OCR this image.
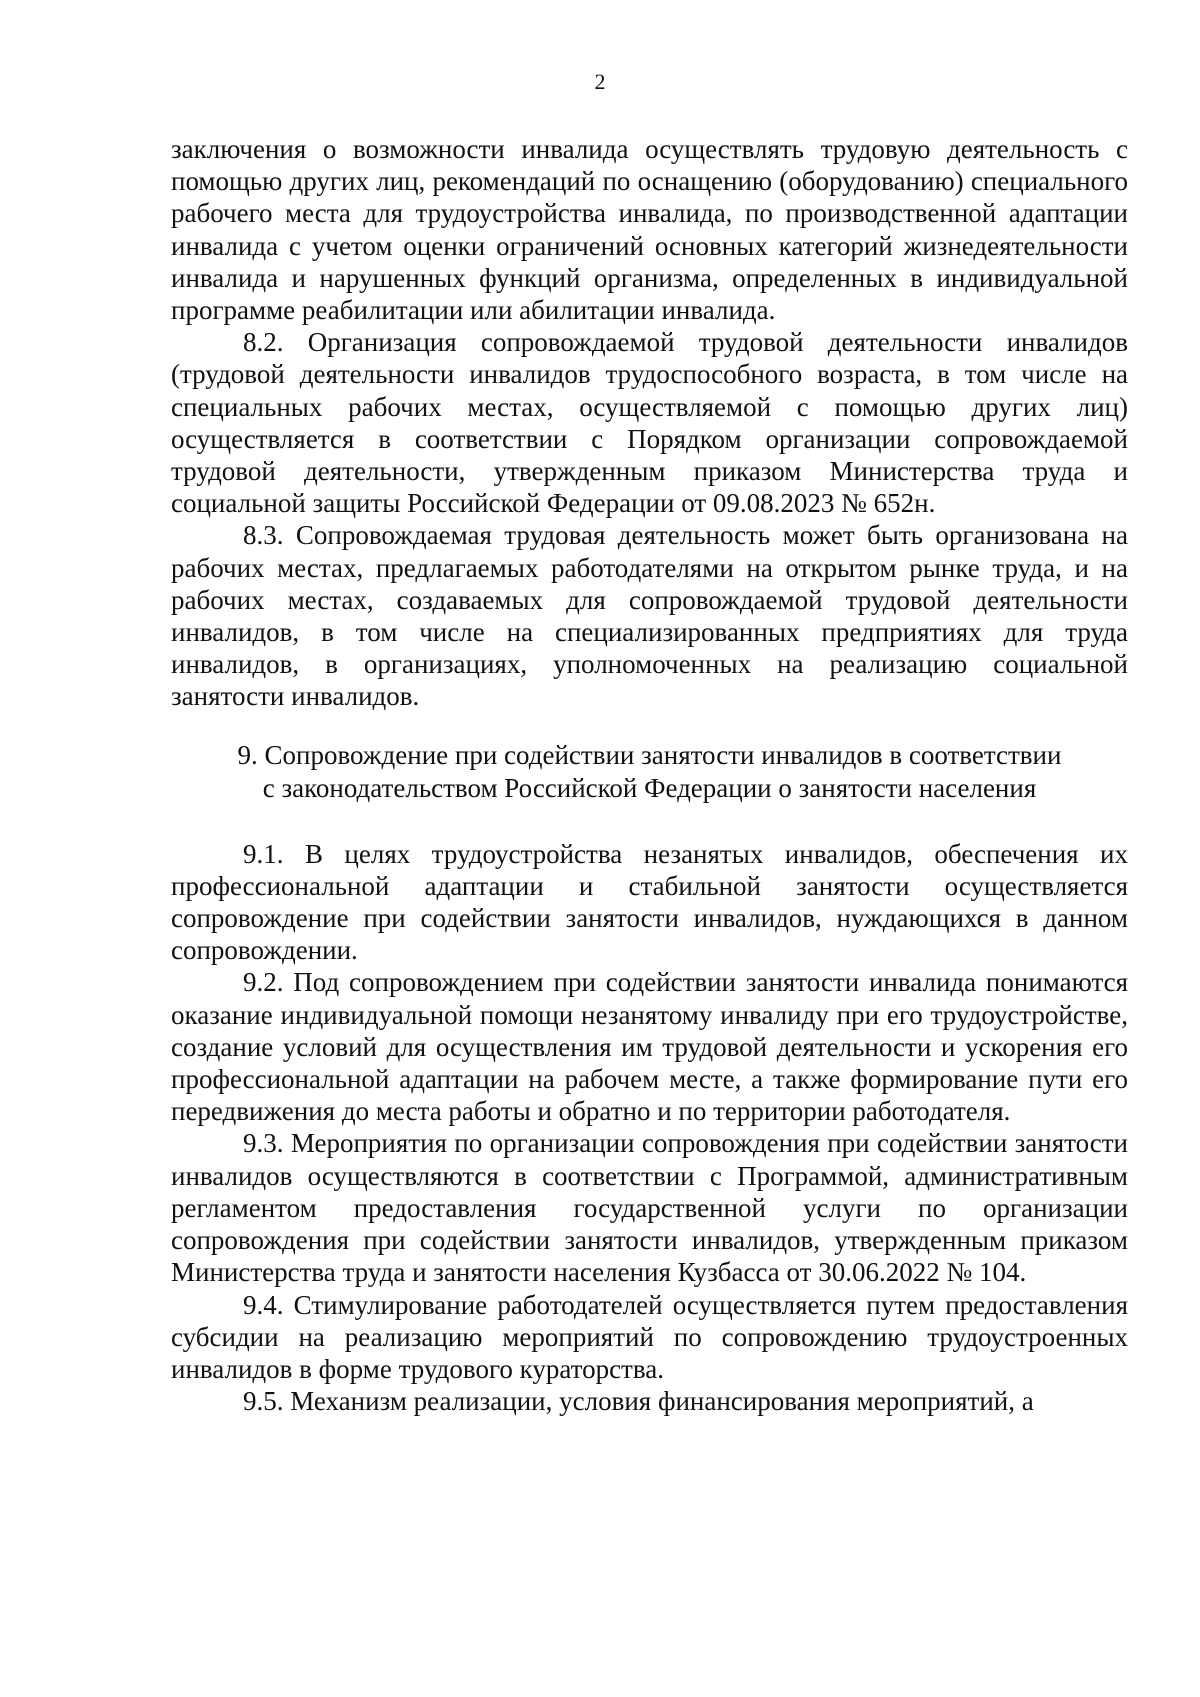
2

заключения о возможности инвалида осуществлять трудовую деятельность с помощью других лиц, рекомендаций по оснащению (оборудованию) специального рабочего места для трудоустройства инвалида, по производственной адаптации инвалида с учетом оценки ограничений основных категорий жизнедеятельности инвалида и нарушенных функций организма, определенных в индивидуальной программе реабилитации или абилитации инвалида.

8.2. Организация сопровождаемой трудовой деятельности инвалидов (трудовой деятельности инвалидов трудоспособного возраста, в том числе на специальных рабочих местах, осуществляемой с помощью других лиц) осуществляется в соответствии с Порядком организации сопровождаемой трудовой деятельности, утвержденным приказом Министерства труда и социальной защиты Российской Федерации от 09.08.2023 № 652н.

8.3. Сопровождаемая трудовая деятельность может быть организована на рабочих местах, предлагаемых работодателями на открытом рынке труда, и на рабочих местах, создаваемых для сопровождаемой трудовой деятельности инвалидов, в том числе на специализированных предприятиях для труда инвалидов, в организациях, уполномоченных на реализацию социальной занятости инвалидов.

9. Сопровождение при содействии занятости инвалидов в соответствии
с законодательством Российской Федерации о занятости населения

9.1. В целях трудоустройства незанятых инвалидов, обеспечения их профессиональной адаптации и стабильной занятости осуществляется сопровождение при содействии занятости инвалидов, нуждающихся в данном сопровождении.

9.2. Под сопровождением при содействии занятости инвалида понимаются оказание индивидуальной помощи незанятому инвалиду при его трудоустройстве, создание условий для осуществления им трудовой деятельности и ускорения его профессиональной адаптации на рабочем месте, а также формирование пути его передвижения до места работы и обратно и по территории работодателя.

9.3. Мероприятия по организации сопровождения при содействии занятости инвалидов осуществляются в соответствии с Программой, административным регламентом предоставления государственной услуги по организации сопровождения при содействии занятости инвалидов, утвержденным приказом Министерства труда и занятости населения Кузбасса от 30.06.2022 № 104.

9.4. Стимулирование работодателей осуществляется путем предоставления субсидии на реализацию мероприятий по сопровождению трудоустроенных инвалидов в форме трудового кураторства.

9.5. Механизм реализации, условия финансирования мероприятий, а
